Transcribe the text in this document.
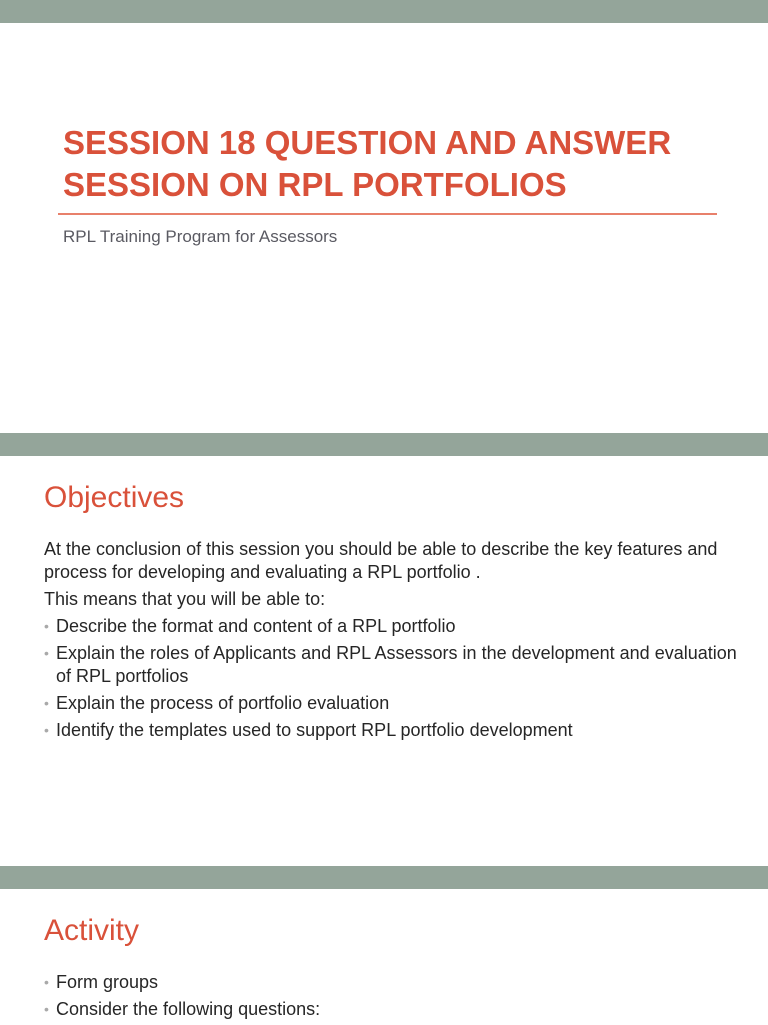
SESSION 18 QUESTION AND ANSWER
SESSION ON RPL PORTFOLIOS

RPL Training Program for Assessors

Objectives

At the conclusion of this session you should be able to describe the key features and process for developing and evaluating a RPL portfolio .

This means that you will be able to:

• Describe the format and content of a RPL portfolio
• Explain the roles of Applicants and RPL Assessors in the development and evaluation of RPL portfolios
• Explain the process of portfolio evaluation
• Identify the templates used to support RPL portfolio development
Activity
• Form groups
• Consider the following questions:
